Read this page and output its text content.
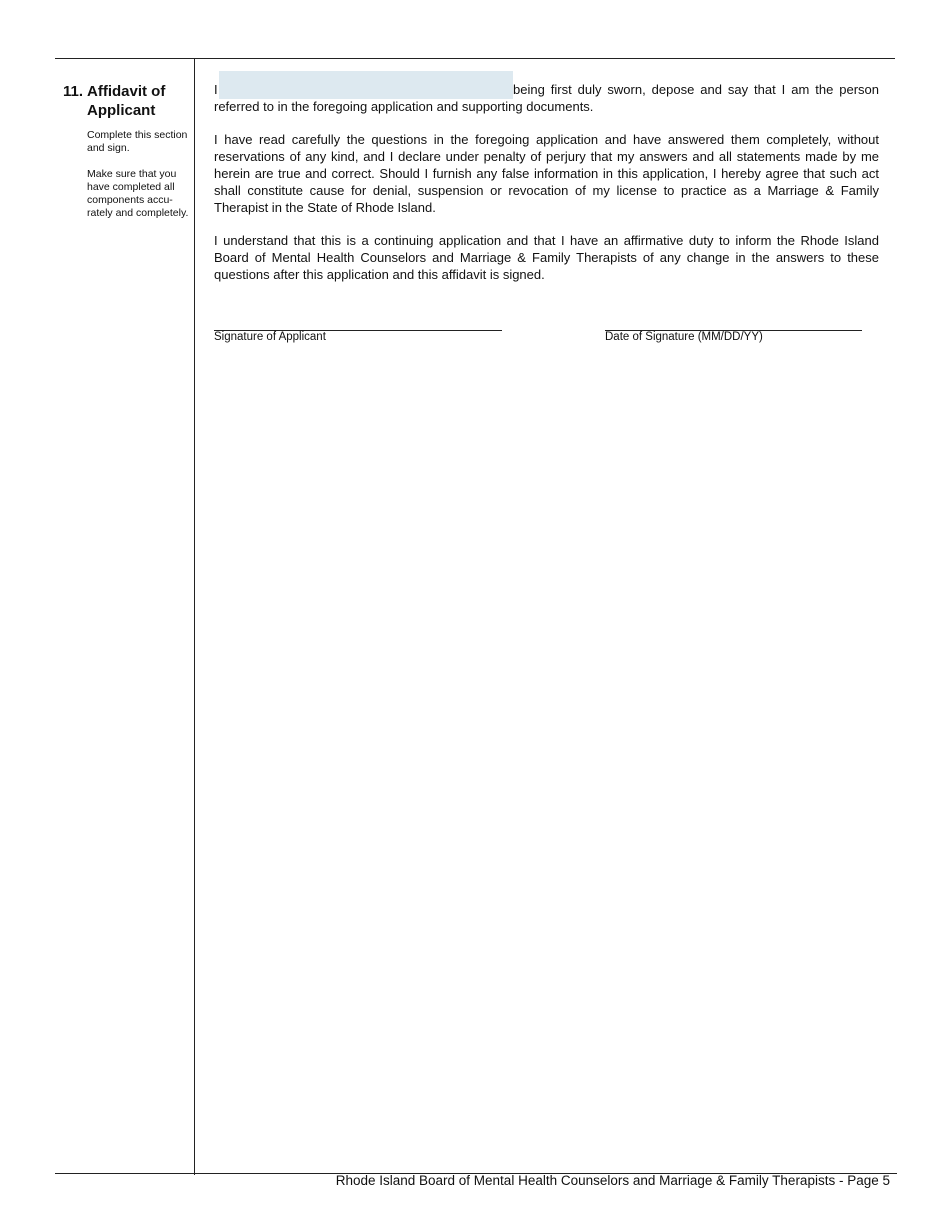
11. Affidavit of Applicant
Complete this section and sign.
Make sure that you have completed all components accu-rately and completely.
I	being first duly sworn, depose and say that I am the person referred to in the foregoing application and supporting documents.
I have read carefully the questions in the foregoing application and have answered them completely, without reservations of any kind, and I declare under penalty of perjury that my answers and all statements made by me herein are true and correct. Should I furnish any false information in this application, I hereby agree that such act shall constitute cause for denial, suspension or revocation of my license to practice as a Marriage & Family Therapist in the State of Rhode Island.
I understand that this is a continuing application and that I have an affirmative duty to inform the Rhode Island Board of Mental Health Counselors and Marriage & Family Therapists of any change in the answers to these questions after this application and this affidavit is signed.
Signature of Applicant	Date of Signature (MM/DD/YY)
Rhode Island Board of Mental Health Counselors and Marriage & Family Therapists - Page 5
